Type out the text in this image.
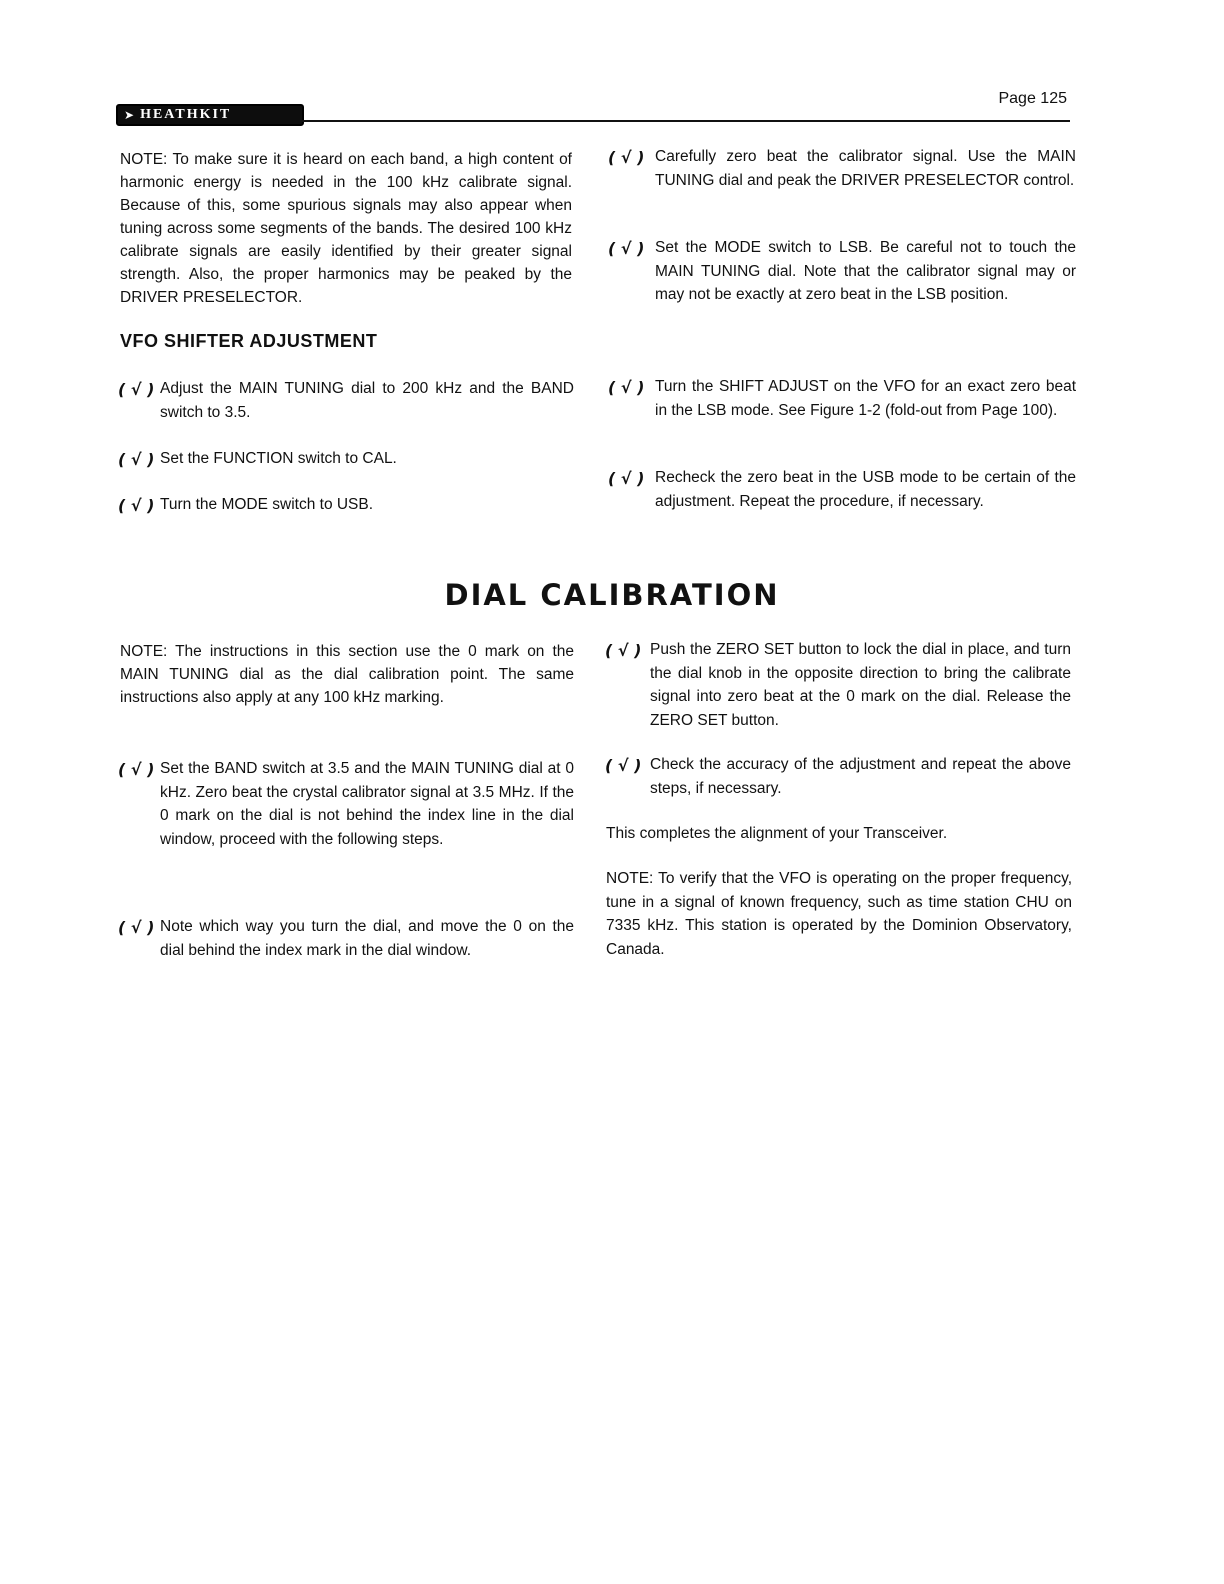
➤ HEATHKIT
Page 125

NOTE: To make sure it is heard on each band, a high content of harmonic energy is needed in the 100 kHz calibrate signal. Because of this, some spurious signals may also appear when tuning across some segments of the bands. The desired 100 kHz calibrate signals are easily identified by their greater signal strength. Also, the proper harmonics may be peaked by the DRIVER PRESELECTOR.

VFO SHIFTER ADJUSTMENT
( √ ) Adjust the MAIN TUNING dial to 200 kHz and the BAND switch to 3.5.
( √ ) Set the FUNCTION switch to CAL.
( √ ) Turn the MODE switch to USB.
( √ ) Carefully zero beat the calibrator signal. Use the MAIN TUNING dial and peak the DRIVER PRESELECTOR control.
( √ ) Set the MODE switch to LSB. Be careful not to touch the MAIN TUNING dial. Note that the calibrator signal may or may not be exactly at zero beat in the LSB position.
( √ ) Turn the SHIFT ADJUST on the VFO for an exact zero beat in the LSB mode. See Figure 1-2 (fold-out from Page 100).
( √ ) Recheck the zero beat in the USB mode to be certain of the adjustment. Repeat the procedure, if necessary.
DIAL CALIBRATION

NOTE: The instructions in this section use the 0 mark on the MAIN TUNING dial as the dial calibration point. The same instructions also apply at any 100 kHz marking.

( √ ) Set the BAND switch at 3.5 and the MAIN TUNING dial at 0 kHz. Zero beat the crystal calibrator signal at 3.5 MHz. If the 0 mark on the dial is not behind the index line in the dial window, proceed with the following steps.
( √ ) Note which way you turn the dial, and move the 0 on the dial behind the index mark in the dial window.
( √ ) Push the ZERO SET button to lock the dial in place, and turn the dial knob in the opposite direction to bring the calibrate signal into zero beat at the 0 mark on the dial. Release the ZERO SET button.
( √ ) Check the accuracy of the adjustment and repeat the above steps, if necessary.
This completes the alignment of your Transceiver.
NOTE: To verify that the VFO is operating on the proper frequency, tune in a signal of known frequency, such as time station CHU on 7335 kHz. This station is operated by the Dominion Observatory, Canada.
